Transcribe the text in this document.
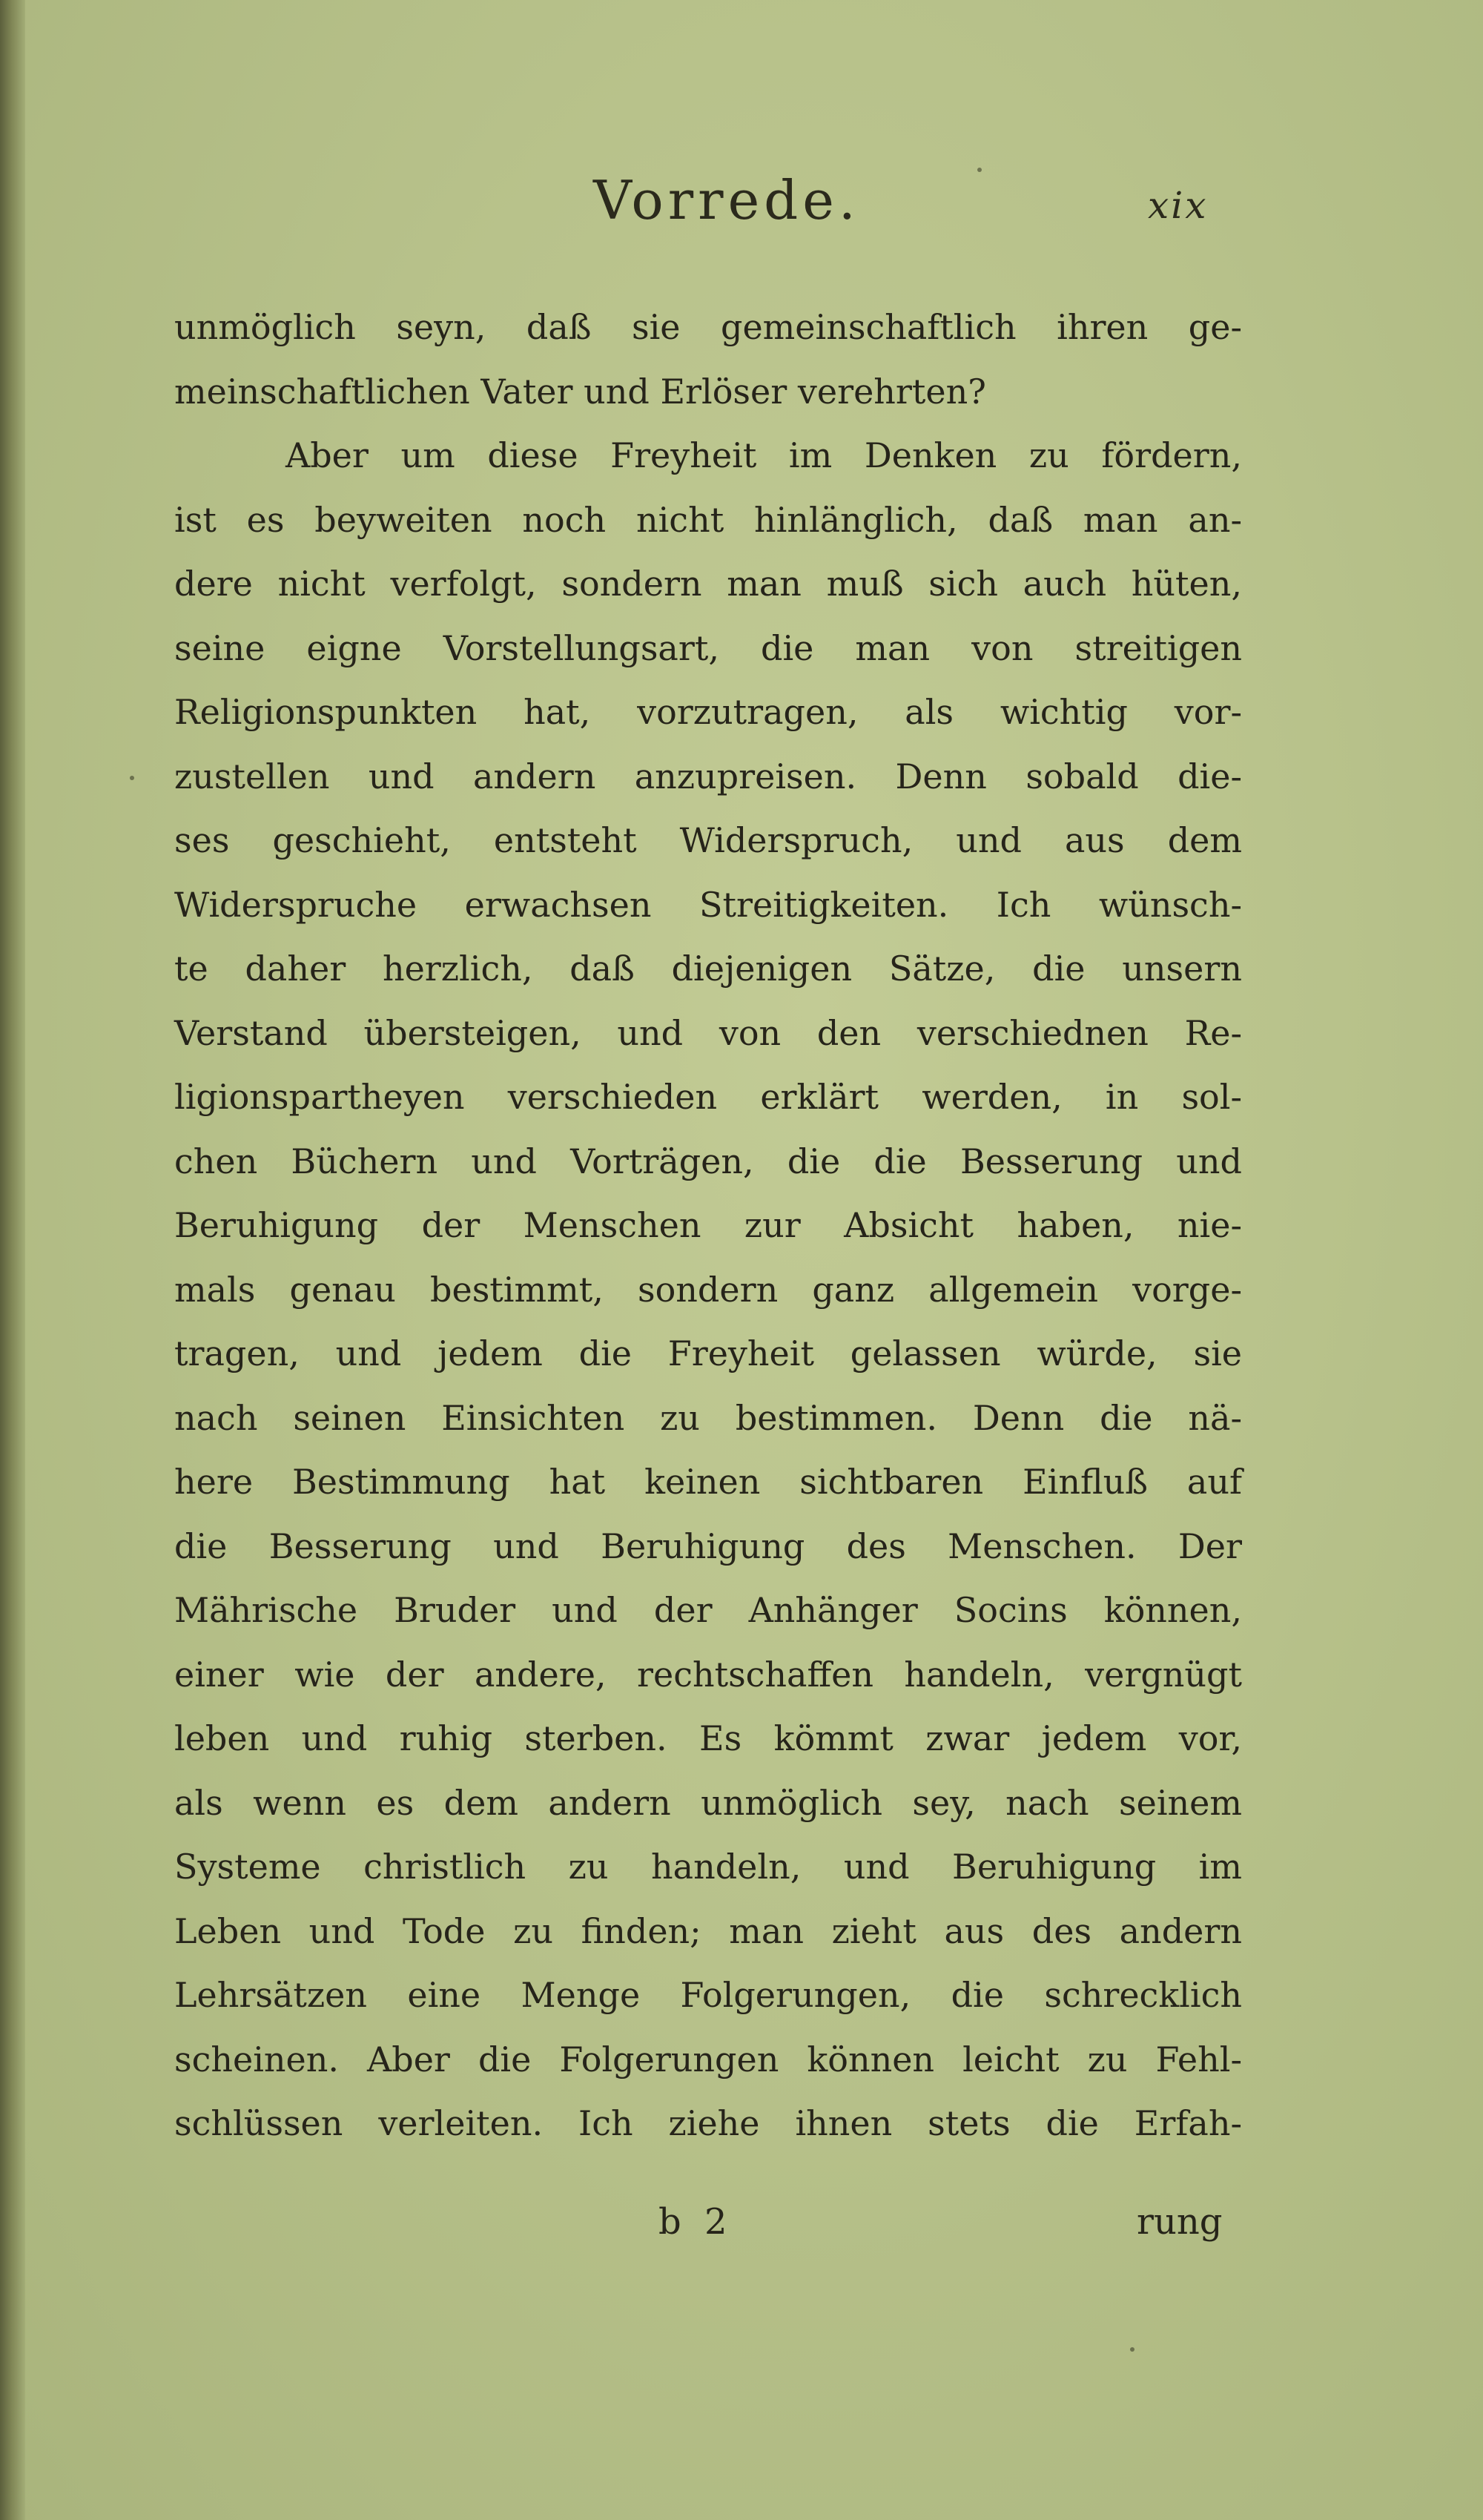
Vorrede.	xix
unmöglich seyn, daß sie gemeinschaftlich ihren ge-
meinschaftlichen Vater und Erlöser verehrten?
Aber um diese Freyheit im Denken zu fördern,
ist es beyweiten noch nicht hinlänglich, daß man an-
dere nicht verfolgt, sondern man muß sich auch hüten,
seine eigne Vorstellungsart, die man von streitigen
Religionspunkten hat, vorzutragen, als wichtig vor-
zustellen und andern anzupreisen. Denn sobald die-
ses geschieht, entsteht Widerspruch, und aus dem
Widerspruche erwachsen Streitigkeiten. Ich wünsch-
te daher herzlich, daß diejenigen Sätze, die unsern
Verstand übersteigen, und von den verschiednen Re-
ligionspartheyen verschieden erklärt werden, in sol-
chen Büchern und Vorträgen, die die Besserung und
Beruhigung der Menschen zur Absicht haben, nie-
mals genau bestimmt, sondern ganz allgemein vorge-
tragen, und jedem die Freyheit gelassen würde, sie
nach seinen Einsichten zu bestimmen. Denn die nä-
here Bestimmung hat keinen sichtbaren Einfluß auf
die Besserung und Beruhigung des Menschen. Der
Mährische Bruder und der Anhänger Socins können,
einer wie der andere, rechtschaffen handeln, vergnügt
leben und ruhig sterben. Es kömmt zwar jedem vor,
als wenn es dem andern unmöglich sey, nach seinem
Systeme christlich zu handeln, und Beruhigung im
Leben und Tode zu finden; man zieht aus des andern
Lehrsätzen eine Menge Folgerungen, die schrecklich
scheinen. Aber die Folgerungen können leicht zu Fehl-
schlüssen verleiten. Ich ziehe ihnen stets die Erfah-
b 2	rung
